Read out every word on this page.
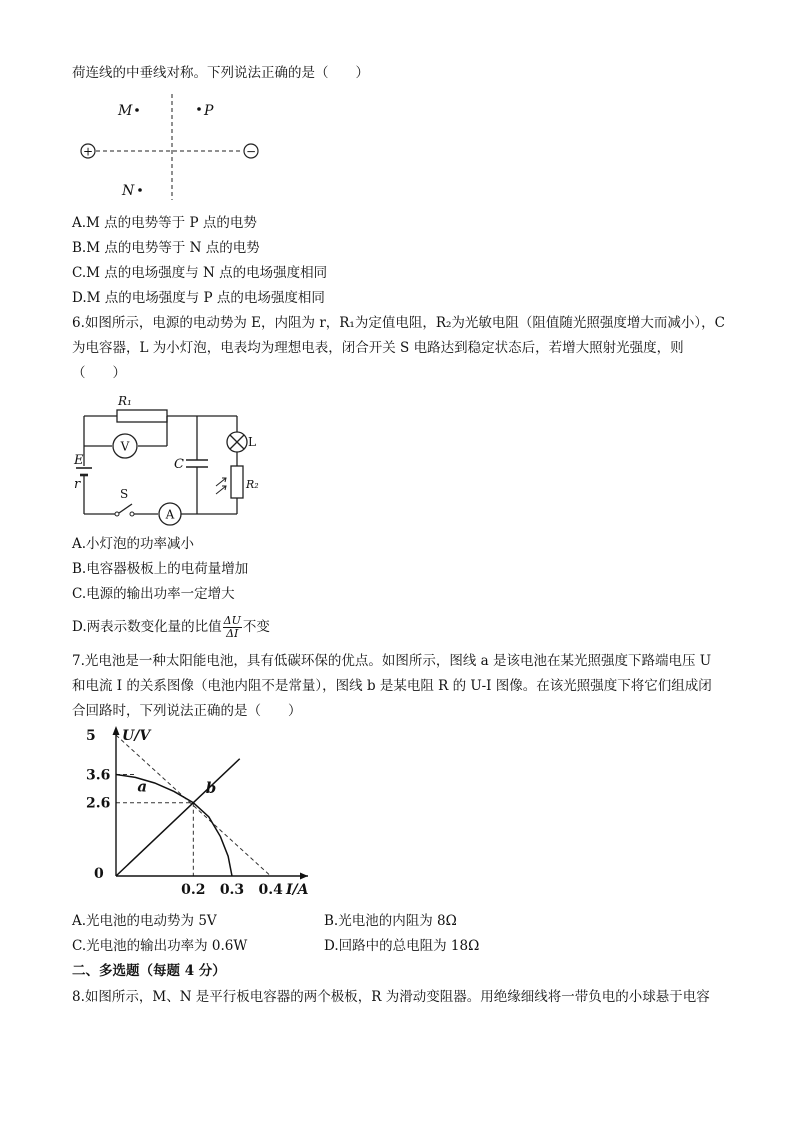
荷连线的中垂线对称。下列说法正确的是（　　）
+	−
M	P
N
A.M 点的电势等于 P 点的电势
B.M 点的电势等于 N 点的电势
C.M 点的电场强度与 N 点的电场强度相同
D.M 点的电场强度与 P 点的电场强度相同
6.如图所示，电源的电动势为 E，内阻为 r，R₁为定值电阻，R₂为光敏电阻（阻值随光照强度增大而减小），C
为电容器，L 为小灯泡，电表均为理想电表，闭合开关 S 电路达到稳定状态后，若增大照射光强度，则
（　　）
R₁
V	L
C
E
r	R₂
S
A
A.小灯泡的功率减小
B.电容器极板上的电荷量增加
C.电源的输出功率一定增大
D.两表示数变化量的比值 $\frac{\Delta U}{\Delta I}$ 不变
7.光电池是一种太阳能电池，具有低碳环保的优点。如图所示，图线 a 是该电池在某光照强度下路端电压 U
和电流 I 的关系图像（电池内阻不是常量），图线 b 是某电阻 R 的 U-I 图像。在该光照强度下将它们组成闭
合回路时，下列说法正确的是（　　）
a	b
U/V
I/A
5
3.6
2.6
0
0.2 0.3 0.4
A.光电池的电动势为 5V	B.光电池的内阻为 8Ω
C.光电池的输出功率为 0.6W	D.回路中的总电阻为 18Ω
二、多选题（每题 4 分）
8.如图所示，M、N 是平行板电容器的两个极板，R 为滑动变阻器。用绝缘细线将一带负电的小球悬于电容
